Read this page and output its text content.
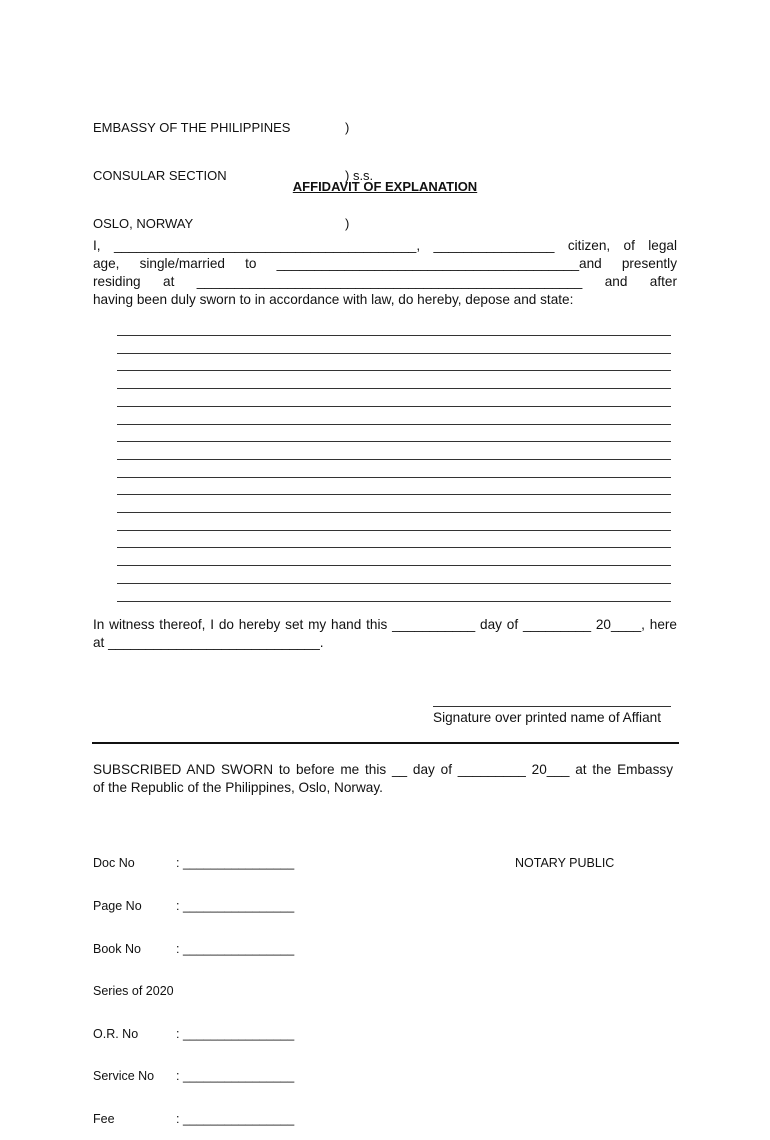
EMBASSY OF THE PHILIPPINES

CONSULAR SECTION

OSLO, NORWAY

)

) s.s.

)

AFFIDAVIT OF EXPLANATION
I, ________________________________________, ________________ citizen, of legal
age, single/married to ________________________________________and presently
residing at ___________________________________________________ and after
having been duly sworn to in accordance with law, do hereby, depose and state:
In witness thereof, I do hereby set my hand this ___________ day of _________ 20____, here
at ____________________________.
Signature over printed name of Affiant
SUBSCRIBED AND SWORN to before me this __ day of _________ 20___ at the Embassy
of the Republic of the Philippines, Oslo, Norway.

Doc No

Page No

Book No

Series of 2020

O.R. No

Service No

Fee

: ________________

: ________________

: ________________

: ________________

: ________________

: ________________

NOTARY PUBLIC
